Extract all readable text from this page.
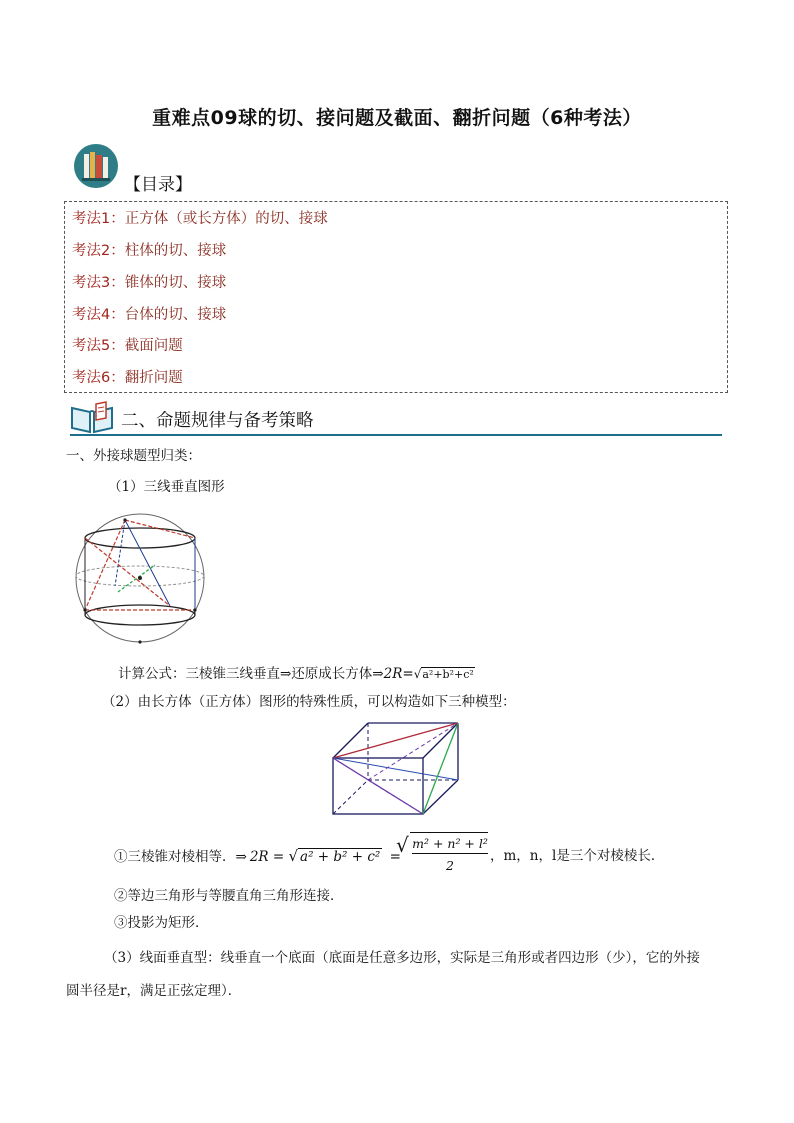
重难点09球的切、接问题及截面、翻折问题（6种考法）
【目录】
考法1：正方体（或长方体）的切、接球
考法2：柱体的切、接球
考法3：锥体的切、接球
考法4：台体的切、接球
考法5：截面问题
考法6：翻折问题
二、命题规律与备考策略
一、外接球题型归类：
（1）三线垂直图形
计算公式：三棱锥三线垂直⇒还原成长方体⇒2R=√a²+b²+c²
（2）由长方体（正方体）图形的特殊性质，可以构造如下三种模型：
①三棱锥对棱相等．⇒ 2R = √ a² + b² + c² =
√ m² + n² + l²
2
，m，n，l是三个对棱棱长．
②等边三角形与等腰直角三角形连接．
③投影为矩形．
（3）线面垂直型：线垂直一个底面（底面是任意多边形，实际是三角形或者四边形（少），它的外接
圆半径是r，满足正弦定理）．
